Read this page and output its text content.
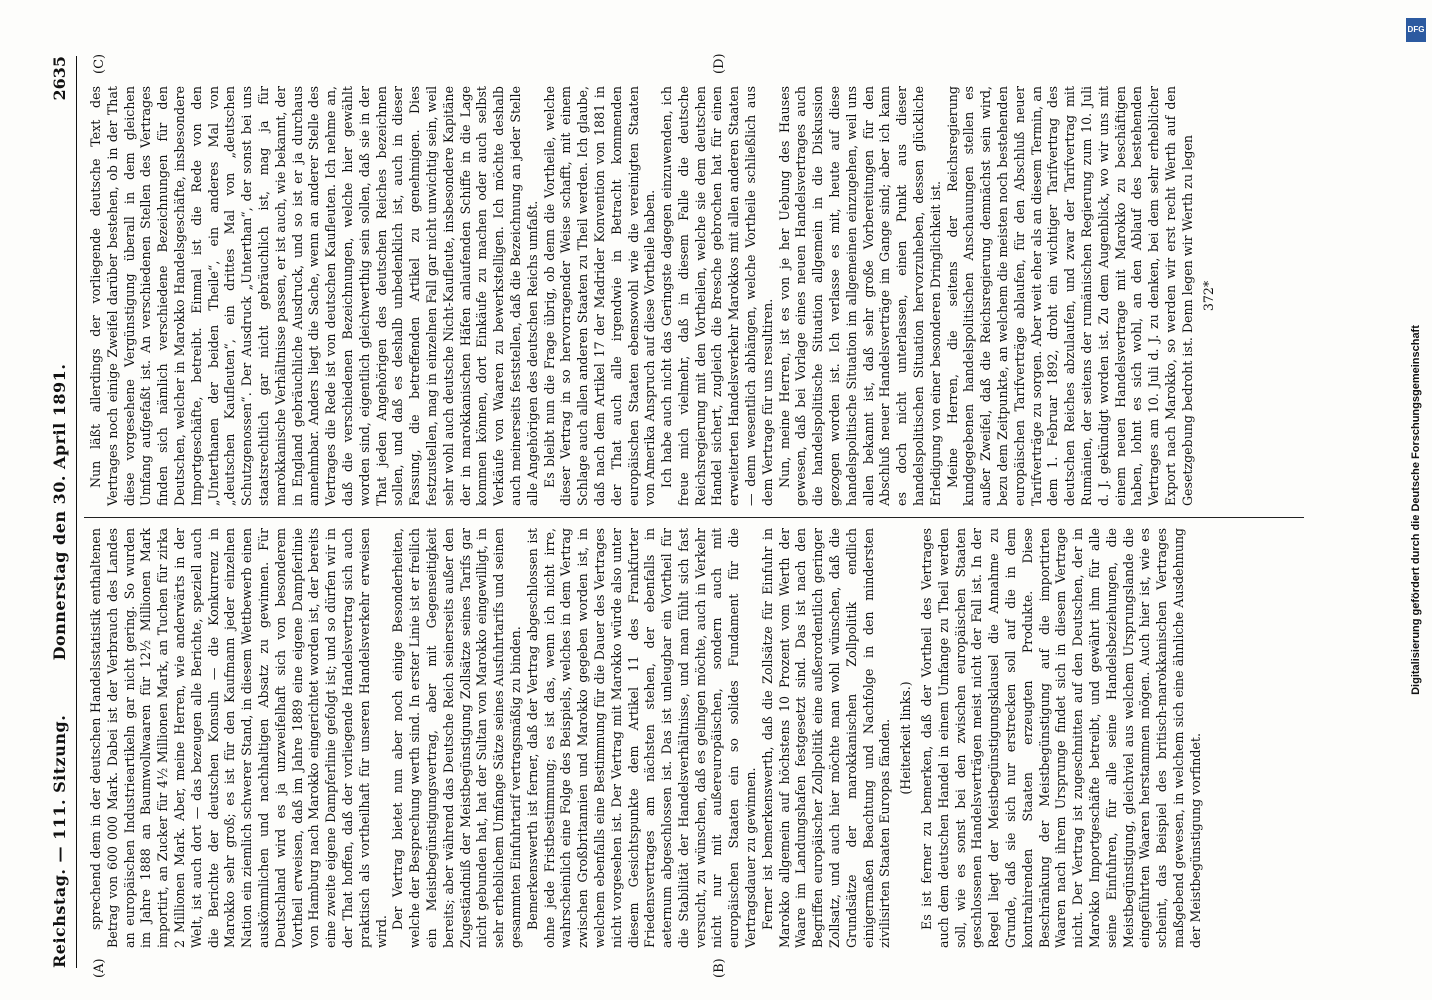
Reichstag. — 111. Sitzung.
Donnerstag den 30. April 1891.
2635
(A)	(B)
(C)	(D)

sprechend dem in der deutschen Handelsstatistik enthaltenen Betrag von 600 000 Mark. Dabei ist der Verbrauch des Landes an europäischen Industrieartikeln gar nicht gering. So wurden im Jahre 1888 an Baumwollwaaren für 12½ Millionen Mark importirt, an Zucker für 4½ Millionen Mark, an Tuchen für zirka 2 Millionen Mark. Aber, meine Herren, wie anderwärts in der Welt, ist auch dort — das bezeugen alle Berichte, speziell auch die Berichte der deutschen Konsuln — die Konkurrenz in Marokko sehr groß; es ist für den Kaufmann jeder einzelnen Nation ein ziemlich schwerer Stand, in diesem Wettbewerb einen auskömmlichen und nachhaltigen Absatz zu gewinnen. Für Deutschland wird es ja unzweifelhaft sich von besonderem Vortheil erweisen, daß im Jahre 1889 eine eigene Dampferlinie von Hamburg nach Marokko eingerichtet worden ist, der bereits eine zweite eigene Dampferlinie gefolgt ist; und so dürfen wir in der That hoffen, daß der vorliegende Handelsvertrag sich auch praktisch als vortheilhaft für unseren Handelsverkehr erweisen wird.

Der Vertrag bietet nun aber noch einige Besonderheiten, welche der Besprechung werth sind. In erster Linie ist er freilich ein Meistbegünstigungsvertrag, aber mit Gegenseitigkeit bereits; aber während das Deutsche Reich seinerseits außer den Zugeständniß der Meistbegünstigung Zollsätze seines Tarifs gar nicht gebunden hat, hat der Sultan von Marokko eingewilligt, in sehr erheblichem Umfange Sätze seines Ausfuhrtarifs und seinen gesammten Einfuhrtarif vertragsmäßig zu binden. Bemerkenswerth ist ferner, daß der Vertrag abgeschlossen ist ohne jede Fristbestimmung; es ist das, wenn ich nicht irre, wahrscheinlich eine Folge des Beispiels, welches in dem Vertrag zwischen Großbritannien und Marokko gegeben worden ist, in welchem ebenfalls eine Bestimmung für die Dauer des Vertrages nicht vorgesehen ist. Der Vertrag mit Marokko würde also unter diesem Gesichtspunkte dem Artikel 11 des Frankfurter Friedensvertrages am nächsten stehen, der ebenfalls in aeternum abgeschlossen ist. Das ist unleugbar ein Vortheil für die Stabilität der Handelsverhältnisse, und man fühlt sich fast versucht, zu wünschen, daß es gelingen möchte, auch in Verkehr nicht nur mit außereuropäischen, sondern auch mit europäischen Staaten ein so solides Fundament für die Vertragsdauer zu gewinnen. Ferner ist bemerkenswerth, daß die Zollsätze für Einfuhr in Marokko allgemein auf höchstens 10 Prozent vom Werth der Waare im Landungshafen festgesetzt sind. Das ist nach den Begriffen europäischer Zollpolitik eine außerordentlich geringer Zollsatz, und auch hier möchte man wohl wünschen, daß die Grundsätze der marokkanischen Zollpolitik endlich einigermaßen Beachtung und Nachfolge in den mindersten zivilisirten Staaten Europas fänden. (Heiterkeit links.) Es ist ferner zu bemerken, daß der Vortheil des Vertrages auch dem deutschen Handel in einem Umfange zu Theil werden soll, wie es sonst bei den zwischen europäischen Staaten geschlossenen Handelsverträgen meist nicht der Fall ist. In der Regel liegt der Meistbegünstigungsklausel die Annahme zu Grunde, daß sie sich nur erstrecken soll auf die in dem kontrahirenden Staaten erzeugten Produkte. Diese Beschränkung der Meistbegünstigung auf die importirten Waaren nach ihrem Ursprunge findet sich in diesem Vertrage nicht. Der Vertrag ist zugeschnitten auf den Deutschen, der in Marokko Importgeschäfte betreibt, und gewährt ihm für alle seine Einfuhren, für alle seine Handelsbeziehungen, die Meistbegünstigung, gleichviel aus welchem Ursprungslande die eingeführten Waaren herstammen mögen. Auch hier ist, wie es scheint, das Beispiel des britisch-marokkanischen Vertrages maßgebend gewesen, in welchem sich eine ähnliche Ausdehnung der Meistbegünstigung vorfindet.

Nun läßt allerdings der vorliegende deutsche Text des Vertrages noch einige Zweifel darüber bestehen, ob in der That diese vorgesehene Vergünstigung überall in dem gleichen Umfang aufgefaßt ist. An verschiedenen Stellen des Vertrages finden sich nämlich verschiedene Bezeichnungen für den Deutschen, welcher in Marokko Handelsgeschäfte, insbesondere Importgeschäfte, betreibt. Einmal ist die Rede von den „Unterthanen der beiden Theile“, ein anderes Mal von „deutschen Kaufleuten“, ein drittes Mal von „deutschen Schutzgenossen“. Der Ausdruck „Unterthan“, der sonst bei uns staatsrechtlich gar nicht gebräuchlich ist, mag ja für marokkanische Verhältnisse passen, er ist auch, wie bekannt, der in England gebräuchliche Ausdruck, und so ist er ja durchaus annehmbar. Anders liegt die Sache, wenn an anderer Stelle des Vertrages die Rede ist von deutschen Kaufleuten. Ich nehme an, daß die verschiedenen Bezeichnungen, welche hier gewählt worden sind, eigentlich gleichwerthig sein sollen, daß sie in der That jeden Angehörigen des deutschen Reiches bezeichnen sollen, und daß es deshalb unbedenklich ist, auch in dieser Fassung, die betreffenden Artikel zu genehmigen. Dies festzustellen, mag in einzelnen Fall gar nicht unwichtig sein, weil sehr wohl auch deutsche Nicht-Kaufleute, insbesondere Kapitäne der in marokkanischen Häfen anlaufenden Schiffe in die Lage kommen können, dort Einkäufe zu machen oder auch selbst Verkäufe von Waaren zu bewerkstelligen. Ich möchte deshalb auch meinerseits feststellen, daß die Bezeichnung an jeder Stelle alle Angehörigen des deutschen Reichs umfaßt. Es bleibt nun die Frage übrig, ob denn die Vortheile, welche dieser Vertrag in so hervorragender Weise schafft, mit einem Schlage auch allen anderen Staaten zu Theil werden. Ich glaube, daß nach dem Artikel 17 der Madrider Konvention von 1881 in der That auch alle irgendwie in Betracht kommenden europäischen Staaten ebensowohl wie die vereinigten Staaten von Amerika Anspruch auf diese Vortheile haben. Ich habe auch nicht das Geringste dagegen einzuwenden, ich freue mich vielmehr, daß in diesem Falle die deutsche Reichsregierung mit den Vortheilen, welche sie dem deutschen Handel sichert, zugleich die Bresche gebrochen hat für einen erweiterten Handelsverkehr Marokkos mit allen anderen Staaten — denn wesentlich abhängen, welche Vortheile schließlich aus dem Vertrage für uns resultiren. Nun, meine Herren, ist es von je her Uebung des Hauses gewesen, daß bei Vorlage eines neuen Handelsvertrages auch die handelspolitische Situation allgemein in die Diskussion gezogen worden ist. Ich verlasse es mit, heute auf diese handelspolitische Situation im allgemeinen einzugehen, weil uns allen bekannt ist, daß sehr große Vorbereitungen für den Abschluß neuer Handelsverträge im Gange sind; aber ich kann es doch nicht unterlassen, einen Punkt aus dieser handelspolitischen Situation hervorzuheben, dessen glückliche Erledigung von einer besonderen Dringlichkeit ist. Meine Herren, die seitens der Reichsregierung kundgegebenen handelspolitischen Anschauungen stellen es außer Zweifel, daß die Reichsregierung demnächst sein wird, bezu dem Zeitpunkte, an welchem die meisten noch bestehenden europäischen Tarifverträge ablaufen, für den Abschluß neuer Tarifverträge zu sorgen. Aber weit eher als an diesem Termin, an dem 1. Februar 1892, droht ein wichtiger Tarifvertrag des deutschen Reiches abzulaufen, und zwar der Tarifvertrag mit Rumänien, der seitens der rumänischen Regierung zum 10. Juli d. J. gekündigt worden ist. Zu dem Augenblick, wo wir uns mit einem neuen Handelsvertrage mit Marokko zu beschäftigen haben, lohnt es sich wohl, an den Ablauf des bestehenden Vertrages am 10. Juli d. J. zu denken, bei dem sehr erheblicher Export nach Marokko, so werden wir erst recht Werth auf den Gesetzgebung bedroht ist. Denn legen wir Werth zu legen 372*

DFG
Digitalisierung gefördert durch die Deutsche Forschungsgemeinschaft
